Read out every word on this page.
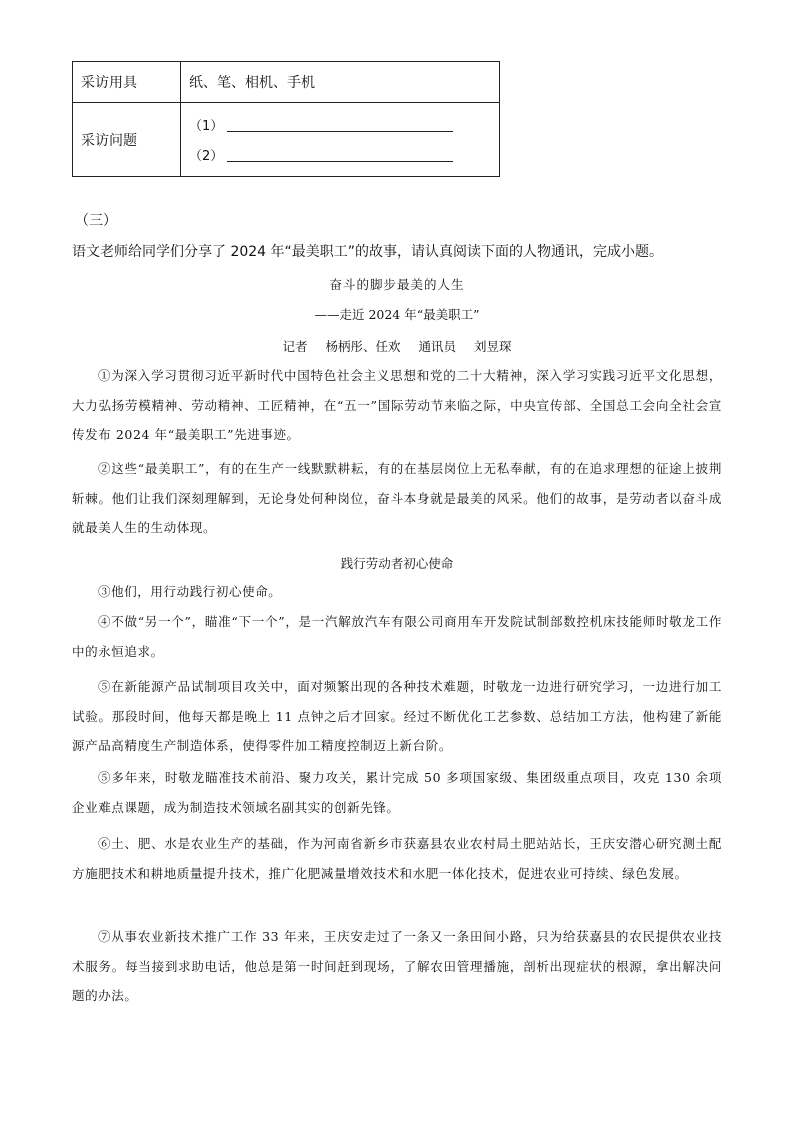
采访用具	纸、笔、相机、手机
采访问题	（1）
（2）
（三）
语文老师给同学们分享了 2024 年“最美职工”的故事，请认真阅读下面的人物通讯，完成小题。
奋斗的脚步最美的人生
——走近 2024 年“最美职工”
记者 杨柄彤、任欢 通讯员 刘昱琛

①为深入学习贯彻习近平新时代中国特色社会主义思想和党的二十大精神，深入学习实践习近平文化思想，大力弘扬劳模精神、劳动精神、工匠精神，在“五一”国际劳动节来临之际，中央宣传部、全国总工会向全社会宣传发布 2024 年“最美职工”先进事迹。

②这些“最美职工”，有的在生产一线默默耕耘，有的在基层岗位上无私奉献，有的在追求理想的征途上披荆斩棘。他们让我们深刻理解到，无论身处何种岗位，奋斗本身就是最美的风采。他们的故事，是劳动者以奋斗成就最美人生的生动体现。

践行劳动者初心使命

③他们，用行动践行初心使命。

④不做“另一个”，瞄准“下一个”，是一汽解放汽车有限公司商用车开发院试制部数控机床技能师时敬龙工作中的永恒追求。

⑤在新能源产品试制项目攻关中，面对频繁出现的各种技术难题，时敬龙一边进行研究学习，一边进行加工试验。那段时间，他每天都是晚上 11 点钟之后才回家。经过不断优化工艺参数、总结加工方法，他构建了新能源产品高精度生产制造体系，使得零件加工精度控制迈上新台阶。

⑤多年来，时敬龙瞄准技术前沿、聚力攻关，累计完成 50 多项国家级、集团级重点项目，攻克 130 余项企业难点课题，成为制造技术领域名副其实的创新先锋。

⑥土、肥、水是农业生产的基础，作为河南省新乡市获嘉县农业农村局土肥站站长，王庆安潜心研究测土配方施肥技术和耕地质量提升技术，推广化肥减量增效技术和水肥一体化技术，促进农业可持续、绿色发展。

⑦从事农业新技术推广工作 33 年来，王庆安走过了一条又一条田间小路，只为给获嘉县的农民提供农业技术服务。每当接到求助电话，他总是第一时间赶到现场，了解农田管理播施，剖析出现症状的根源，拿出解决问题的办法。
